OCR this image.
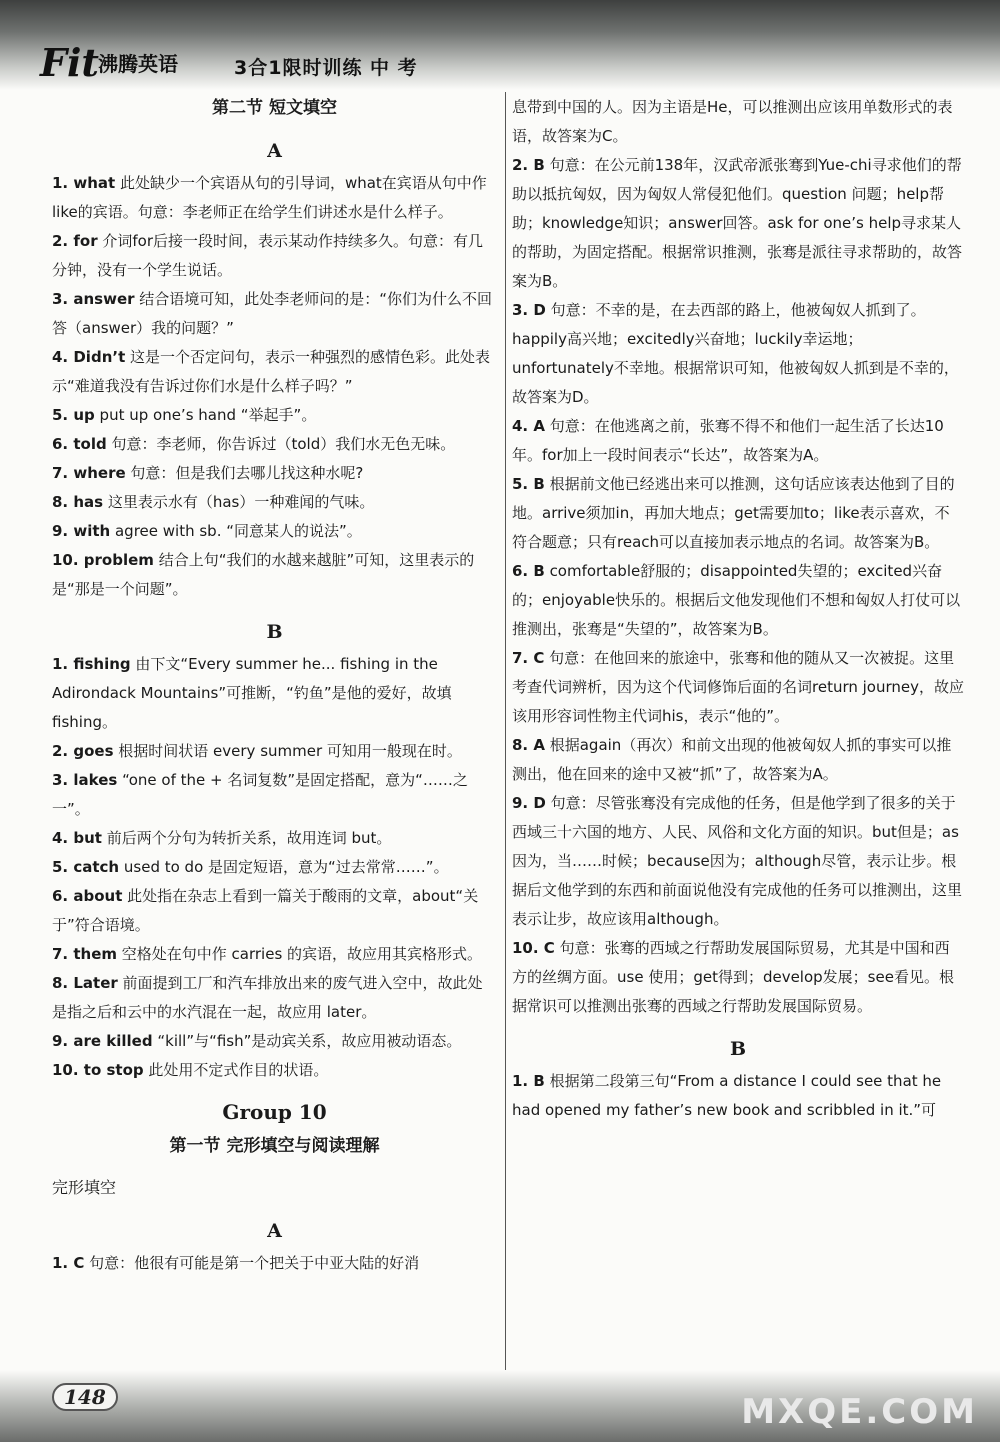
Fit 沸腾英语	3合1限时训练 中 考

第二节 短文填空

A

1. what 此处缺少一个宾语从句的引导词，what在宾语从句中作like的宾语。句意：李老师正在给学生们讲述水是什么样子。

2. for 介词for后接一段时间，表示某动作持续多久。句意：有几分钟，没有一个学生说话。

3. answer 结合语境可知，此处李老师问的是：“你们为什么不回答（answer）我的问题？”

4. Didn’t 这是一个否定问句，表示一种强烈的感情色彩。此处表示“难道我没有告诉过你们水是什么样子吗？”

5. up put up one’s hand “举起手”。

6. told 句意：李老师，你告诉过（told）我们水无色无味。

7. where 句意：但是我们去哪儿找这种水呢?

8. has 这里表示水有（has）一种难闻的气味。

9. with agree with sb. “同意某人的说法”。

10. problem 结合上句“我们的水越来越脏”可知，这里表示的是“那是一个问题”。

B

1. fishing 由下文“Every summer he... fishing in the Adirondack Mountains”可推断，“钓鱼”是他的爱好，故填 fishing。

2. goes 根据时间状语 every summer 可知用一般现在时。

3. lakes “one of the + 名词复数”是固定搭配，意为“……之一”。

4. but 前后两个分句为转折关系，故用连词 but。

5. catch used to do 是固定短语，意为“过去常常……”。

6. about 此处指在杂志上看到一篇关于酸雨的文章，about“关于”符合语境。

7. them 空格处在句中作 carries 的宾语，故应用其宾格形式。

8. Later 前面提到工厂和汽车排放出来的废气进入空中，故此处是指之后和云中的水汽混在一起，故应用 later。

9. are killed “kill”与“fish”是动宾关系，故应用被动语态。

10. to stop 此处用不定式作目的状语。

Group 10

第一节 完形填空与阅读理解

完形填空

A

1. C 句意：他很有可能是第一个把关于中亚大陆的好消

息带到中国的人。因为主语是He，可以推测出应该用单数形式的表语，故答案为C。

2. B 句意：在公元前138年，汉武帝派张骞到Yue-chi寻求他们的帮助以抵抗匈奴，因为匈奴人常侵犯他们。question 问题；help帮助；knowledge知识；answer回答。ask for one’s help寻求某人的帮助，为固定搭配。根据常识推测，张骞是派往寻求帮助的，故答案为B。

3. D 句意：不幸的是，在去西部的路上，他被匈奴人抓到了。happily高兴地；excitedly兴奋地；luckily幸运地；unfortunately不幸地。根据常识可知，他被匈奴人抓到是不幸的，故答案为D。

4. A 句意：在他逃离之前，张骞不得不和他们一起生活了长达10年。for加上一段时间表示“长达”，故答案为A。

5. B 根据前文他已经逃出来可以推测，这句话应该表达他到了目的地。arrive须加in，再加大地点；get需要加to；like表示喜欢，不符合题意；只有reach可以直接加表示地点的名词。故答案为B。

6. B comfortable舒服的；disappointed失望的；excited兴奋的；enjoyable快乐的。根据后文他发现他们不想和匈奴人打仗可以推测出，张骞是“失望的”，故答案为B。

7. C 句意：在他回来的旅途中，张骞和他的随从又一次被捉。这里考查代词辨析，因为这个代词修饰后面的名词return journey，故应该用形容词性物主代词his，表示“他的”。

8. A 根据again（再次）和前文出现的他被匈奴人抓的事实可以推测出，他在回来的途中又被“抓”了，故答案为A。

9. D 句意：尽管张骞没有完成他的任务，但是他学到了很多的关于西域三十六国的地方、人民、风俗和文化方面的知识。but但是；as因为，当……时候；because因为；although尽管，表示让步。根据后文他学到的东西和前面说他没有完成他的任务可以推测出，这里表示让步，故应该用although。

10. C 句意：张骞的西域之行帮助发展国际贸易，尤其是中国和西方的丝绸方面。use 使用；get得到；develop发展；see看见。根据常识可以推测出张骞的西域之行帮助发展国际贸易。

B

1. B 根据第二段第三句“From a distance I could see that he had opened my father’s new book and scribbled in it.”可

148	MXQE.COM
